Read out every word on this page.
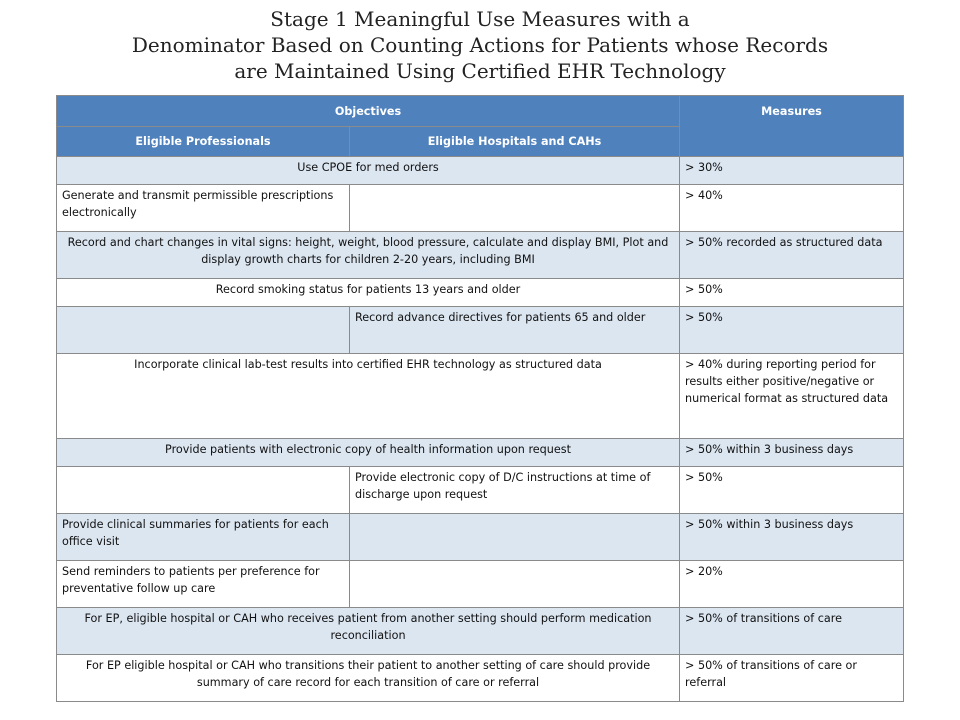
Stage 1 Meaningful Use Measures with a
Denominator Based on Counting Actions for Patients whose Records
are Maintained Using Certified EHR Technology
Objectives		Measures
Eligible Professionals	Eligible Hospitals and CAHs	
Use CPOE for med orders		> 30%
Generate and transmit permissible prescriptions electronically		> 40%
Record and chart changes in vital signs: height, weight, blood pressure, calculate and display BMI, Plot and display growth charts for children 2-20 years, including BMI		> 50% recorded as structured data
Record smoking status for patients 13 years and older		> 50%
	Record advance directives for patients 65 and older	> 50%
Incorporate clinical lab-test results into certified EHR technology as structured data		> 40% during reporting period for results either positive/negative or numerical format as structured data
Provide patients with electronic copy of health information upon request		> 50% within 3 business days
	Provide electronic copy of D/C instructions at time of discharge upon request	> 50%
Provide clinical summaries for patients for each office visit		> 50% within 3 business days
Send reminders to patients per preference for preventative follow up care		> 20%
For EP, eligible hospital or CAH who receives patient from another setting should perform medication reconciliation		> 50% of transitions of care
For EP eligible hospital or CAH who transitions their patient to another setting of care should provide summary of care record for each transition of care or referral		> 50% of transitions of care or referral
